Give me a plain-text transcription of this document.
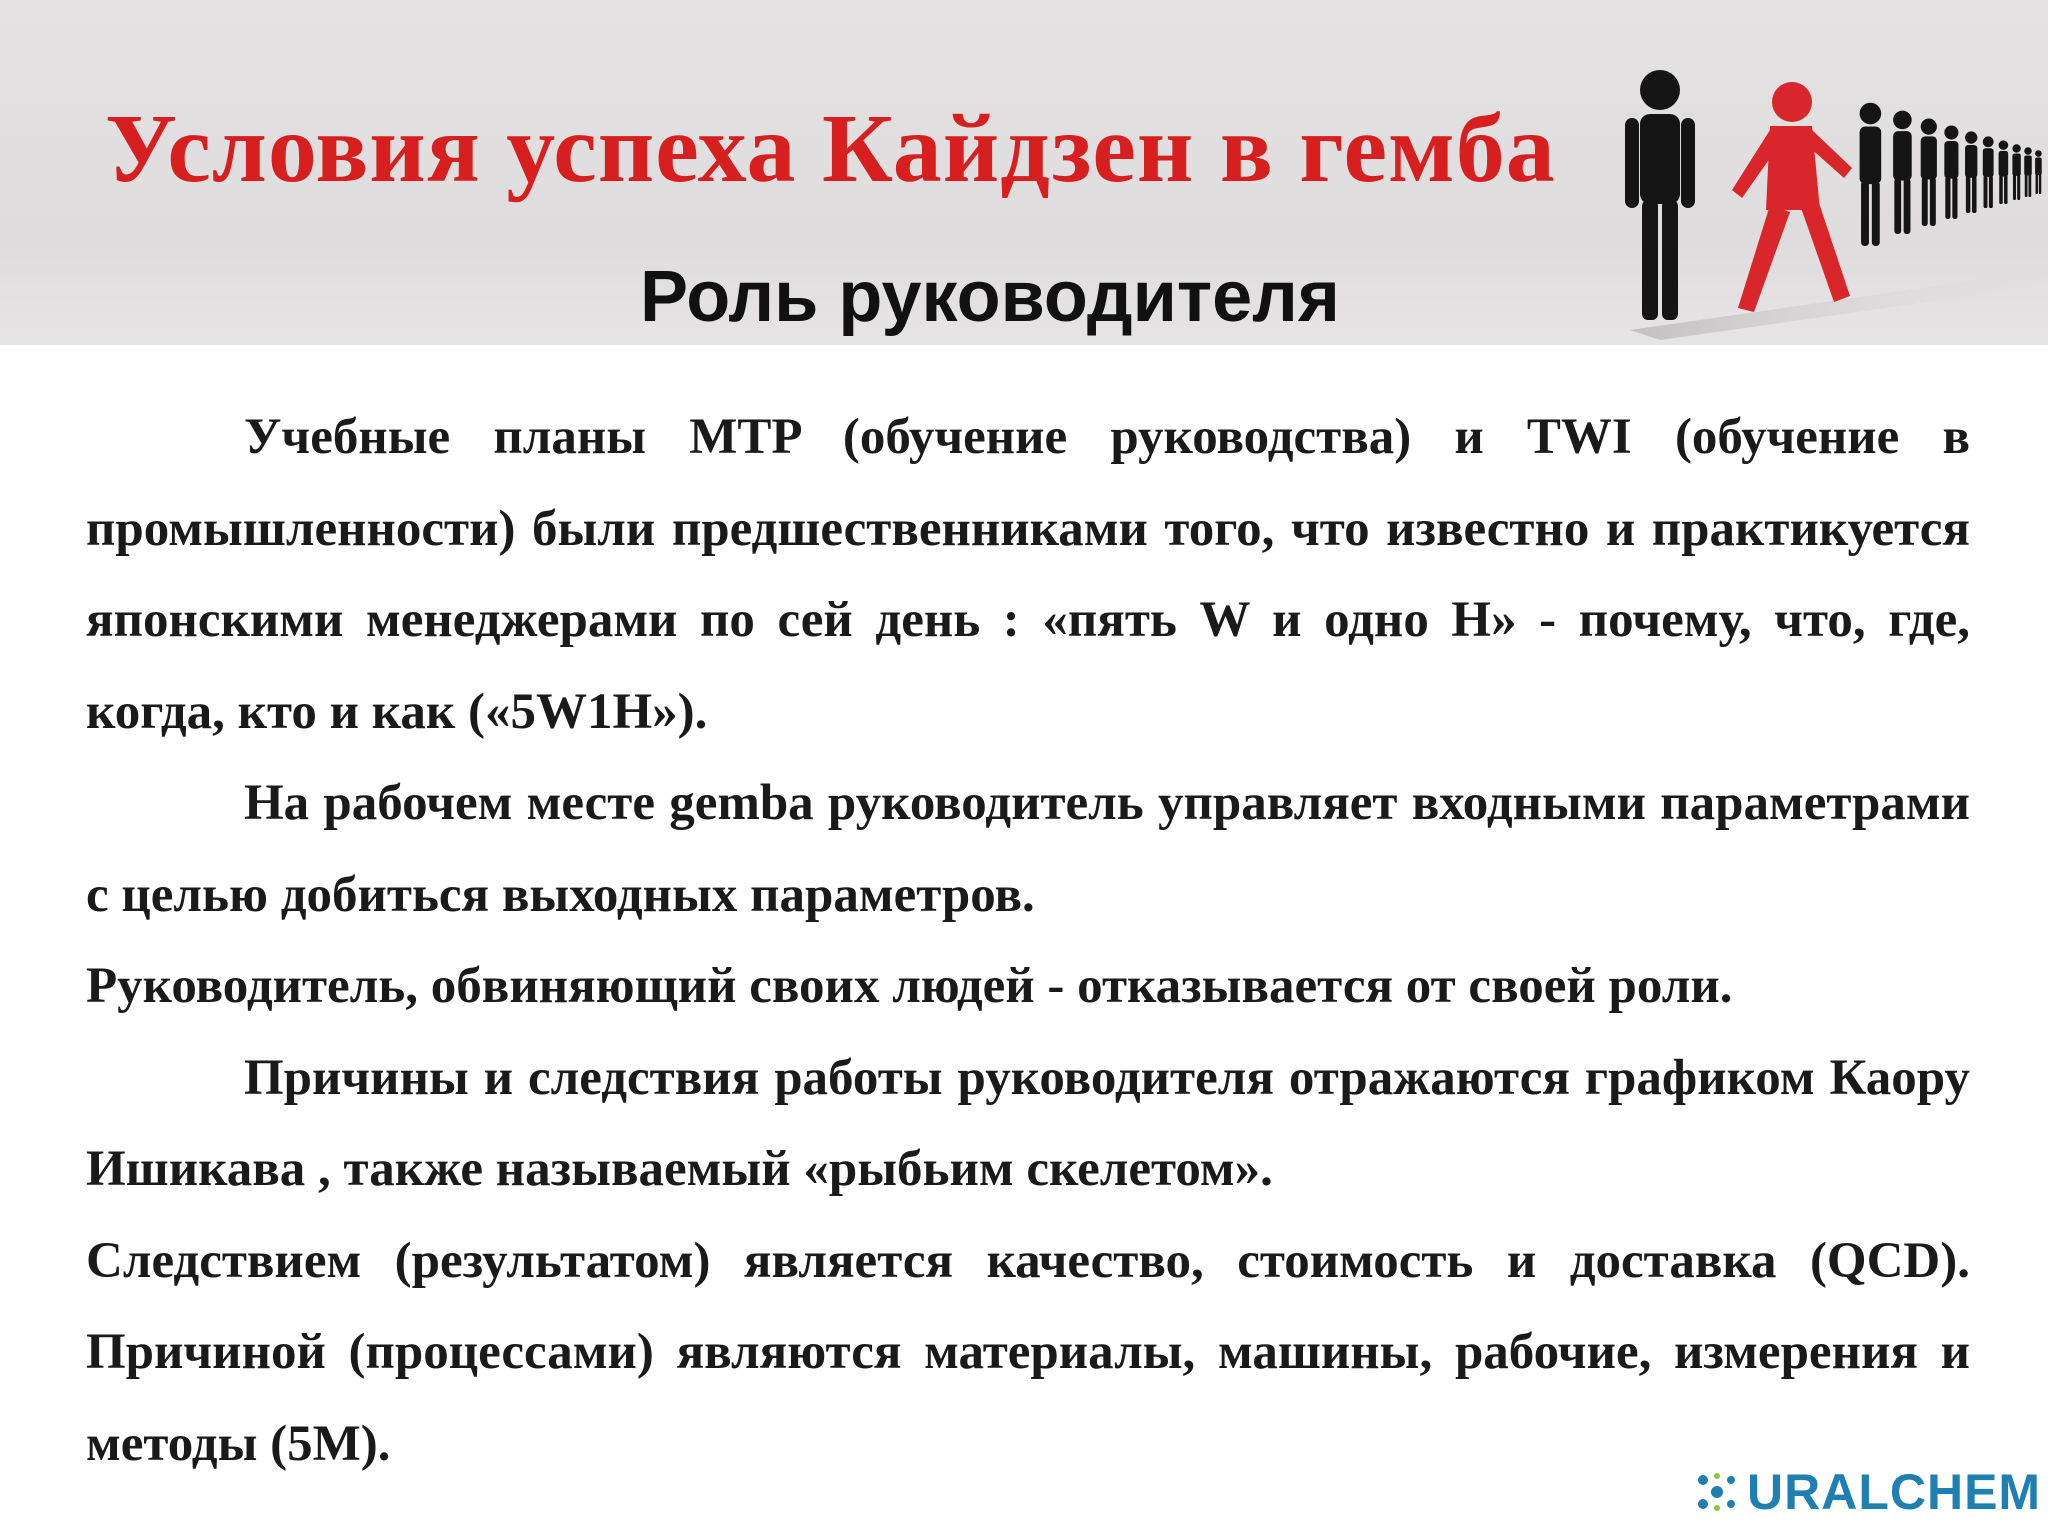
Условия успеха Кайдзен в гемба
Роль руководителя

Учебные планы MTP (обучение руководства) и TWI (обучение в промышленности) были предшественниками того, что известно и практикуется японскими менеджерами по сей день : «пять W и одно H» - почему, что, где, когда, кто и как («5W1H»).

На рабочем месте gemba руководитель управляет входными параметрами с целью добиться выходных параметров.

Руководитель, обвиняющий своих людей - отказывается от своей роли.

Причины и следствия работы руководителя отражаются графиком Каору Ишикава , также называемый «рыбьим скелетом».

Следствием (результатом) является качество, стоимость и доставка (QCD). Причиной (процессами) являются материалы, машины, рабочие, измерения и методы (5M).

URALCHEM
